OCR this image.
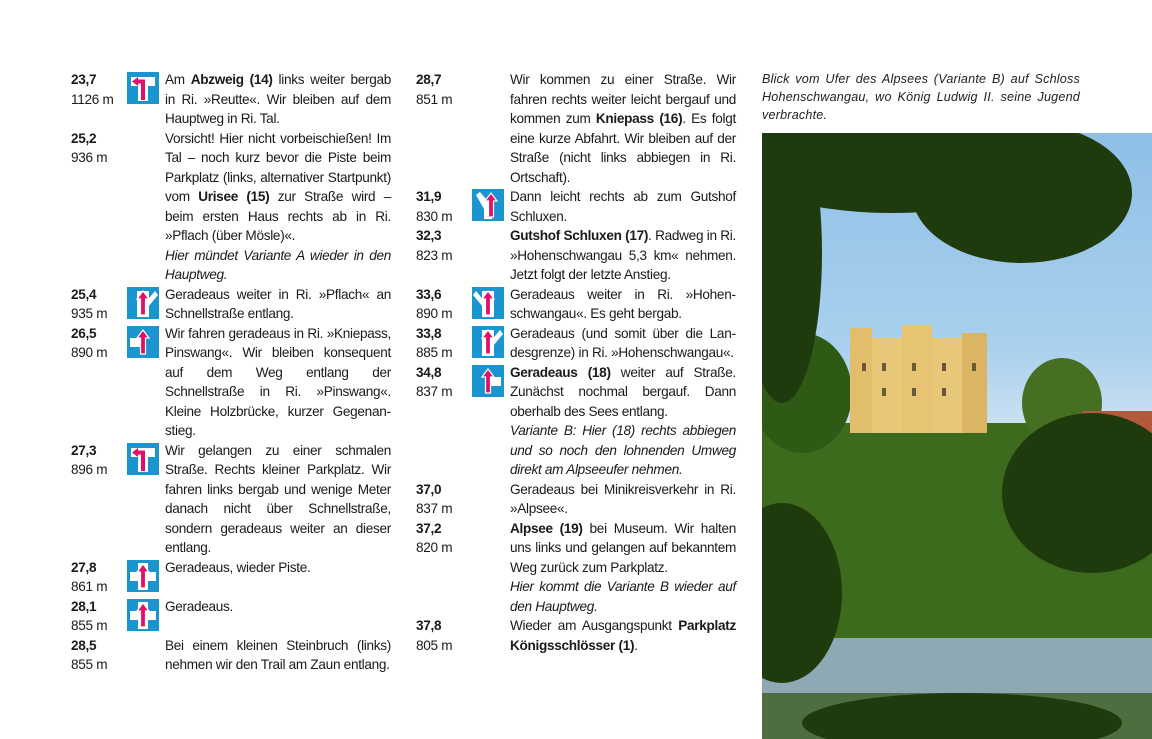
23,7
1126 m
Am Abzweig (14) links weiter bergab in Ri. »Reutte«. Wir bleiben auf dem Hauptweg in Ri. Tal.
25,2
936 m
Vorsicht! Hier nicht vorbeischießen! Im Tal – noch kurz bevor die Piste beim Parkplatz (links, alternativer Startpunkt) vom Urisee (15) zur Straße wird – beim ersten Haus rechts ab in Ri. »Pflach (über Mösle)«.
Hier mündet Variante A wieder in den Hauptweg.
25,4
935 m
Geradeaus weiter in Ri. »Pflach« an Schnellstraße entlang.
26,5
890 m
Wir fahren geradeaus in Ri. »Kniepass, Pinswang«. Wir bleiben konsequent auf dem Weg entlang der Schnellstraße in Ri. »Pinswang«. Kleine Holzbrücke, kurzer Gegenanstieg.
27,3
896 m
Wir gelangen zu einer schmalen Straße. Rechts kleiner Parkplatz. Wir fahren links bergab und wenige Meter danach nicht über Schnellstraße, sondern geradeaus weiter an dieser entlang.
27,8
861 m
Geradeaus, wieder Piste.
28,1
855 m
Geradeaus.
28,5
855 m
Bei einem kleinen Steinbruch (links) nehmen wir den Trail am Zaun entlang.
28,7
851 m
Wir kommen zu einer Straße. Wir fahren rechts weiter leicht bergauf und kommen zum Kniepass (16). Es folgt eine kurze Abfahrt. Wir bleiben auf der Straße (nicht links abbiegen in Ri. Ortschaft).
31,9
830 m
Dann leicht rechts ab zum Gutshof Schluxen.
32,3
823 m
Gutshof Schluxen (17). Radweg in Ri. »Hohenschwangau 5,3 km« nehmen. Jetzt folgt der letzte Anstieg.
33,6
890 m
Geradeaus weiter in Ri. »Hohenschwangau«. Es geht bergab.
33,8
885 m
Geradeaus (und somit über die Landesgrenze) in Ri. »Hohenschwangau«.
34,8
837 m
Geradeaus (18) weiter auf Straße. Zunächst nochmal bergauf. Dann oberhalb des Sees entlang.
Variante B: Hier (18) rechts abbiegen und so noch den lohnenden Umweg direkt am Alpseeufer nehmen.
37,0
837 m
Geradeaus bei Minikreisverkehr in Ri. »Alpsee«.
37,2
820 m
Alpsee (19) bei Museum. Wir halten uns links und gelangen auf bekanntem Weg zurück zum Parkplatz.
Hier kommt die Variante B wieder auf den Hauptweg.
37,8
805 m
Wieder am Ausgangspunkt Parkplatz Königsschlösser (1).
Blick vom Ufer des Alpsees (Variante B) auf Schloss Hohenschwangau, wo König Ludwig II. seine Jugend verbrachte.
